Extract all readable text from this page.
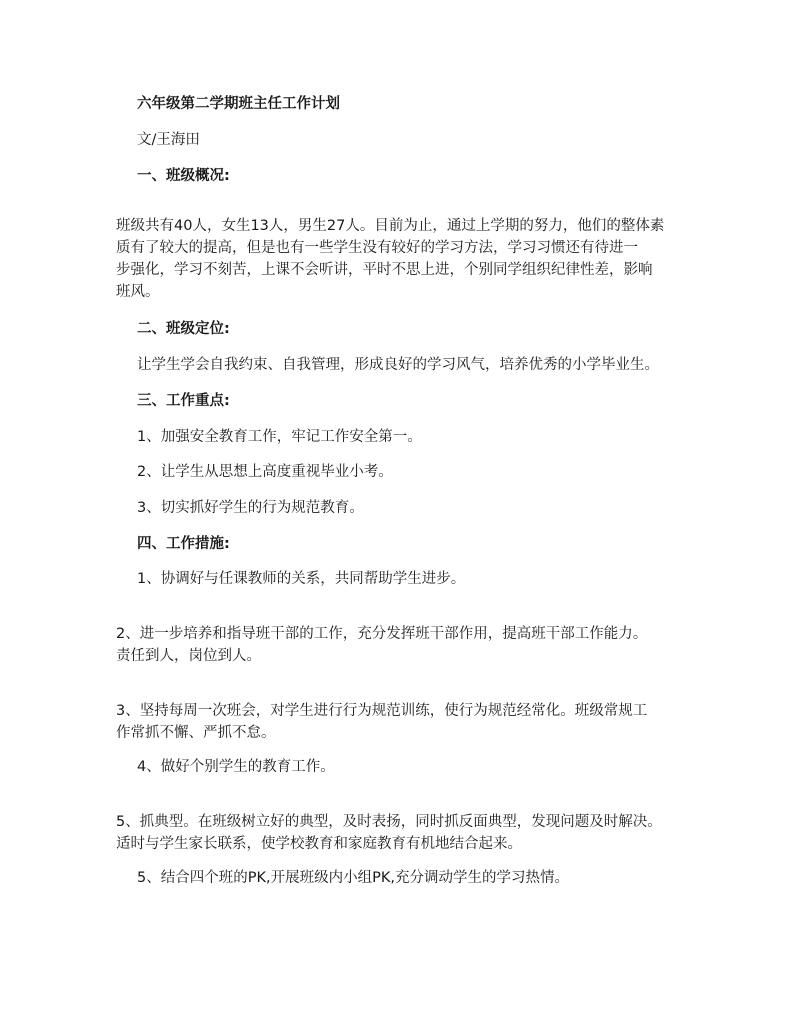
六年级第二学期班主任工作计划
文/王海田
一、班级概况:
班级共有40人，女生13人，男生27人。目前为止，通过上学期的努力，他们的整体素
质有了较大的提高，但是也有一些学生没有较好的学习方法，学习习惯还有待进一
步强化，学习不刻苦，上课不会听讲，平时不思上进，个别同学组织纪律性差，影响
班风。
二、班级定位:
让学生学会自我约束、自我管理，形成良好的学习风气，培养优秀的小学毕业生。
三、工作重点:
1、加强安全教育工作，牢记工作安全第一。
2、让学生从思想上高度重视毕业小考。
3、切实抓好学生的行为规范教育。
四、工作措施:
1、协调好与任课教师的关系，共同帮助学生进步。
2、进一步培养和指导班干部的工作，充分发挥班干部作用，提高班干部工作能力。
责任到人，岗位到人。
3、坚持每周一次班会，对学生进行行为规范训练，使行为规范经常化。班级常规工
作常抓不懈、严抓不怠。
4、做好个别学生的教育工作。
5、抓典型。在班级树立好的典型，及时表扬，同时抓反面典型，发现问题及时解决。
适时与学生家长联系，使学校教育和家庭教育有机地结合起来。
5、结合四个班的PK,开展班级内小组PK,充分调动学生的学习热情。
